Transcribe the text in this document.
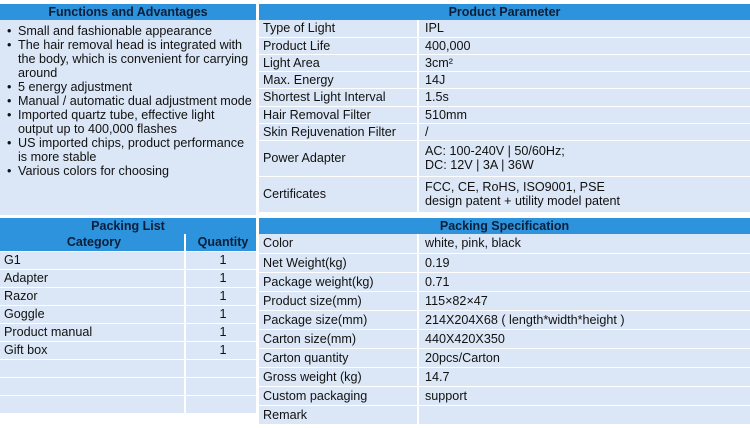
Functions and Advantages
• Small and fashionable appearance
• The hair removal head is integrated with the body, which is convenient for carrying around
• 5 energy adjustment
• Manual / automatic dual adjustment mode
• Imported quartz tube, effective light output up to 400,000 flashes
• US imported chips, product performance is more stable
• Various colors for choosing
Product Parameter
Type of Light	IPL
Product Life	400,000
Light Area	3cm²
Max. Energy	14J
Shortest Light Interval	1.5s
Hair Removal Filter	510mm
Skin Rejuvenation Filter	/
Power Adapter	AC: 100-240V | 50/60Hz;
DC: 12V | 3A | 36W

Certificates	FCC, CE, RoHS, ISO9001, PSE
design patent + utility model patent
Packing List
Category	Quantity
G1	1
Adapter	1
Razor	1
Goggle	1
Product manual	1
Gift box	1

Packing Specification
Color	white, pink, black
Net Weight(kg)	0.19
Package weight(kg)	0.71
Product size(mm)	115×82×47
Package size(mm)	214X204X68 ( length*width*height )
Carton size(mm)	440X420X350
Carton quantity	20pcs/Carton
Gross weight (kg)	14.7
Custom packaging	support
Remark	
